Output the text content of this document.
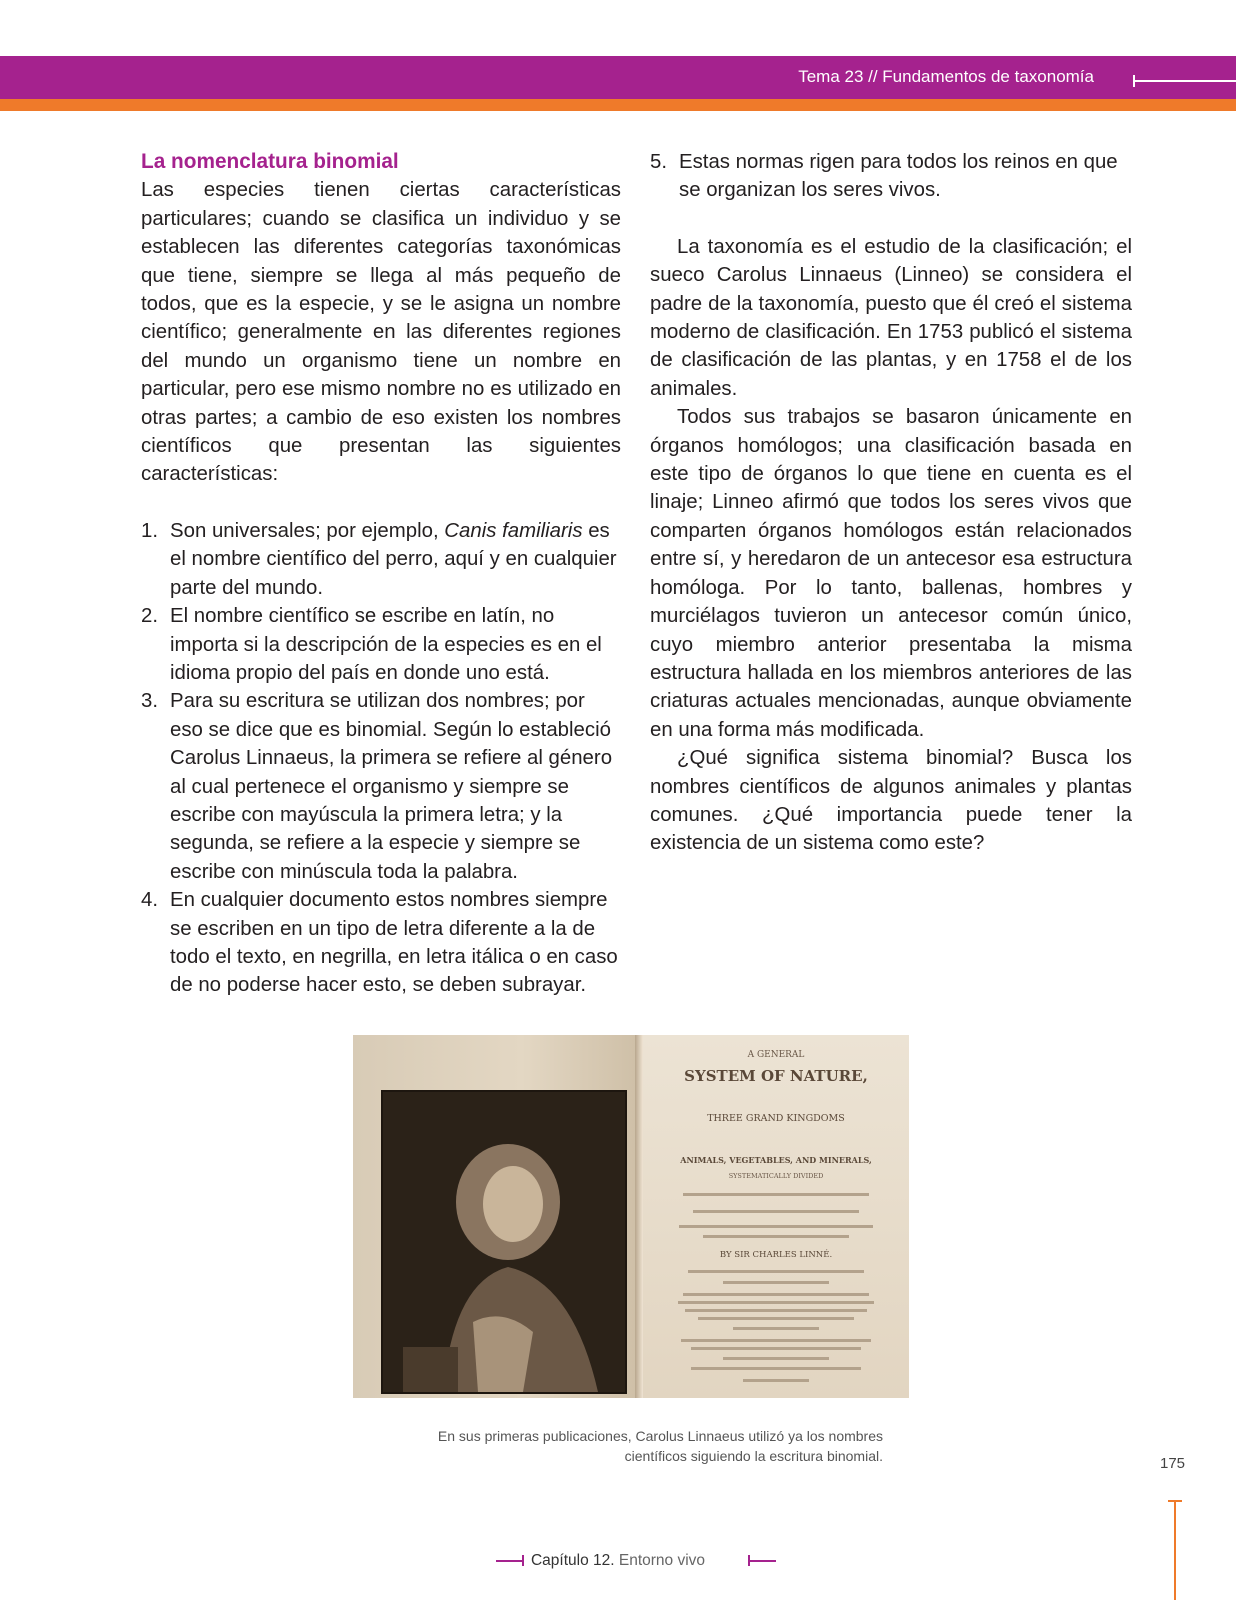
Tema 23 // Fundamentos de taxonomía
La nomenclatura binomial

Las especies tienen ciertas características particulares; cuando se clasifica un individuo y se establecen las diferentes categorías taxonómicas que tiene, siempre se llega al más pequeño de todos, que es la especie, y se le asigna un nombre científico; generalmente en las diferentes regiones del mundo un organismo tiene un nombre en particular, pero ese mismo nombre no es utilizado en otras partes; a cambio de eso existen los nombres científicos que presentan las siguientes características:

1. Son universales; por ejemplo, Canis familiaris es el nombre científico del perro, aquí y en cualquier parte del mundo.
2. El nombre científico se escribe en latín, no importa si la descripción de la especies es en el idioma propio del país en donde uno está.
3. Para su escritura se utilizan dos nombres; por eso se dice que es binomial. Según lo estableció Carolus Linnaeus, la primera se refiere al género al cual pertenece el organismo y siempre se escribe con mayúscula la primera letra; y la segunda, se refiere a la especie y siempre se escribe con minúscula toda la palabra.
4. En cualquier documento estos nombres siempre se escriben en un tipo de letra diferente a la de todo el texto, en negrilla, en letra itálica o en caso de no poderse hacer esto, se deben subrayar.
5. Estas normas rigen para todos los reinos en que se organizan los seres vivos.

La taxonomía es el estudio de la clasificación; el sueco Carolus Linnaeus (Linneo) se considera el padre de la taxonomía, puesto que él creó el sistema moderno de clasificación. En 1753 publicó el sistema de clasificación de las plantas, y en 1758 el de los animales.

Todos sus trabajos se basaron únicamente en órganos homólogos; una clasificación basada en este tipo de órganos lo que tiene en cuenta es el linaje; Linneo afirmó que todos los seres vivos que comparten órganos homólogos están relacionados entre sí, y heredaron de un antecesor esa estructura homóloga. Por lo tanto, ballenas, hombres y murciélagos tuvieron un antecesor común único, cuyo miembro anterior presentaba la misma estructura hallada en los miembros anteriores de las criaturas actuales mencionadas, aunque obviamente en una forma más modificada.

¿Qué significa sistema binomial? Busca los nombres científicos de algunos animales y plantas comunes. ¿Qué importancia puede tener la existencia de un sistema como este?

A GENERAL
SYSTEM OF NATURE,
THREE GRAND KINGDOMS
ANIMALS, VEGETABLES, AND MINERALS,
SYSTEMATICALLY DIVIDED
BY SIR CHARLES LINNÉ.
En sus primeras publicaciones, Carolus Linnaeus utilizó ya los nombres científicos siguiendo la escritura binomial.	175
Capítulo 12. Entorno vivo
